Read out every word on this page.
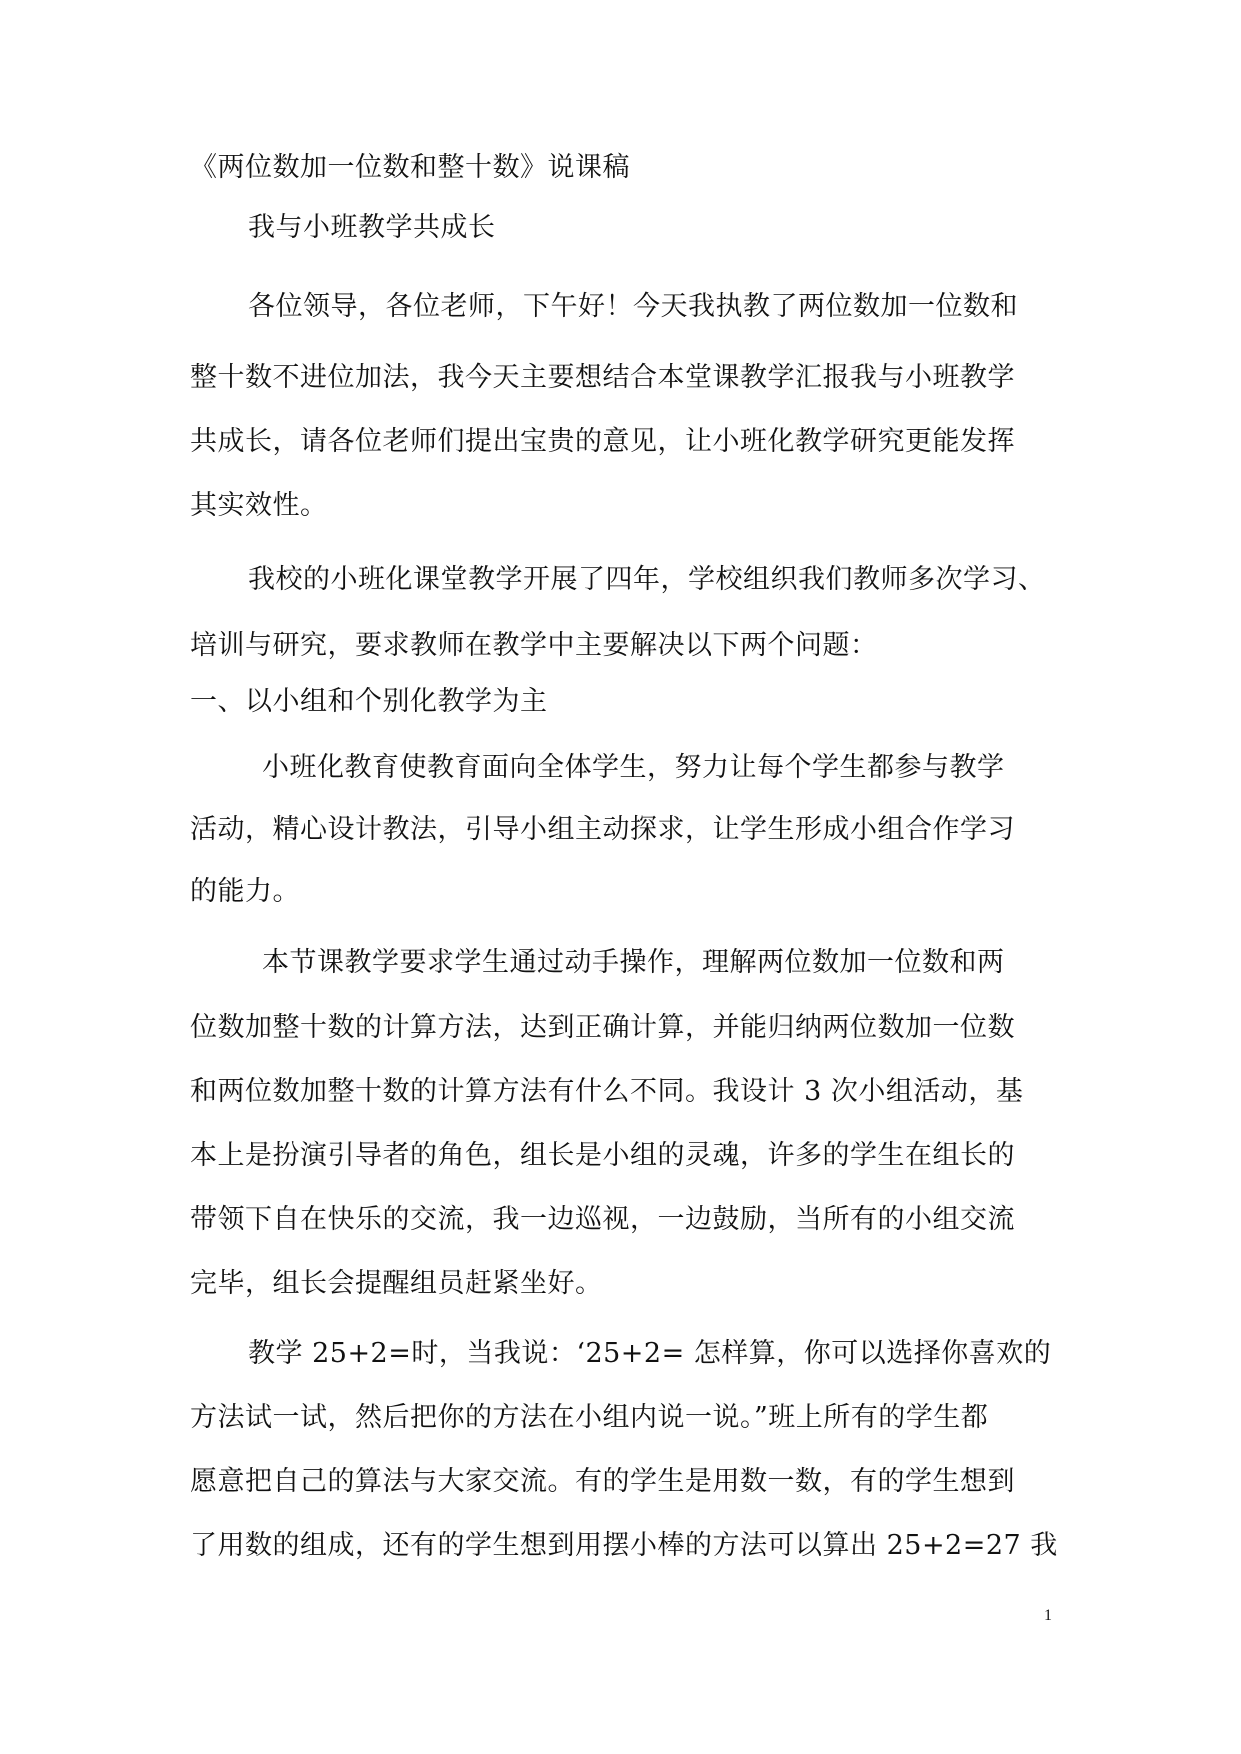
《两位数加一位数和整十数》说课稿
我与小班教学共成长
各位领导，各位老师，下午好！今天我执教了两位数加一位数和
整十数不进位加法，我今天主要想结合本堂课教学汇报我与小班教学
共成长，请各位老师们提出宝贵的意见，让小班化教学研究更能发挥
其实效性。
我校的小班化课堂教学开展了四年，学校组织我们教师多次学习、
培训与研究，要求教师在教学中主要解决以下两个问题：
一、以小组和个别化教学为主
小班化教育使教育面向全体学生，努力让每个学生都参与教学
活动，精心设计教法，引导小组主动探求，让学生形成小组合作学习
的能力。
本节课教学要求学生通过动手操作，理解两位数加一位数和两
位数加整十数的计算方法，达到正确计算，并能归纳两位数加一位数
和两位数加整十数的计算方法有什么不同。我设计 3 次小组活动，基
本上是扮演引导者的角色，组长是小组的灵魂，许多的学生在组长的
带领下自在快乐的交流，我一边巡视，一边鼓励，当所有的小组交流
完毕，组长会提醒组员赶紧坐好。
教学 25+2=时，当我说：‘25+2= 怎样算，你可以选择你喜欢的
方法试一试，然后把你的方法在小组内说一说。”班上所有的学生都
愿意把自己的算法与大家交流。有的学生是用数一数，有的学生想到
了用数的组成，还有的学生想到用摆小棒的方法可以算出 25+2=27 我
1
